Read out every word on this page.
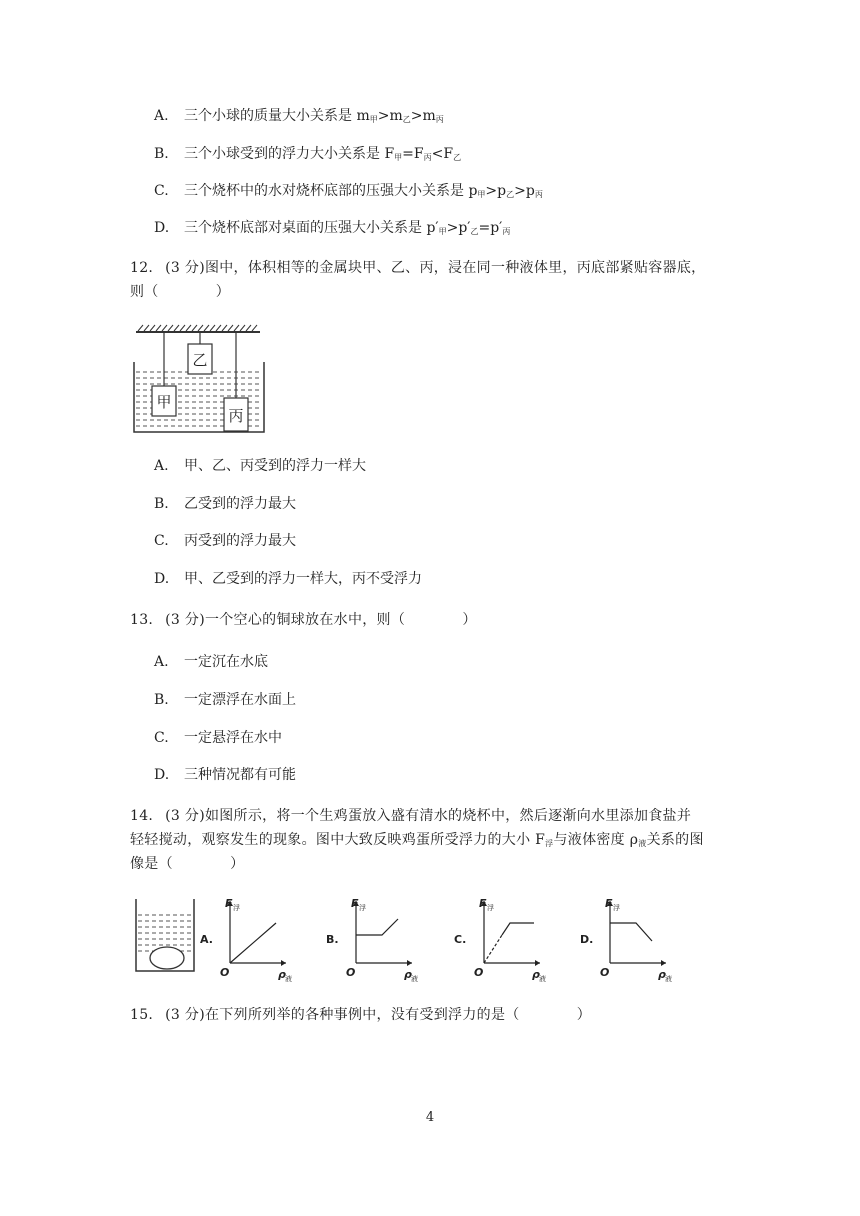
A. 三个小球的质量大小关系是 $m_甲>m_乙>m_丙$
B. 三个小球受到的浮力大小关系是 $F_甲=F_丙<F_乙$
C. 三个烧杯中的水对烧杯底部的压强大小关系是 $p_甲>p_乙>p_丙$
D. 三个烧杯底部对桌面的压强大小关系是 $p'_甲>p'_乙=p'_丙$
12. (3 分)图中，体积相等的金属块甲、乙、丙，浸在同一种液体里，丙底部紧贴容器底，
则（　　　　）
甲
乙
丙
A. 甲、乙、丙受到的浮力一样大
B. 乙受到的浮力最大
C. 丙受到的浮力最大
D. 甲、乙受到的浮力一样大，丙不受浮力
13. (3 分)一个空心的铜球放在水中，则（　　　　）
A. 一定沉在水底
B. 一定漂浮在水面上
C. 一定悬浮在水中
D. 三种情况都有可能
14. (3 分)如图所示，将一个生鸡蛋放入盛有清水的烧杯中，然后逐渐向水里添加食盐并
轻轻搅动，观察发生的现象。图中大致反映鸡蛋所受浮力的大小 $F_浮$与液体密度 $\rho_液$关系的图
像是（　　　　）
A.
F 浮
O	ρ 液
B.
F 浮
O	ρ 液
C.
F 浮
O	ρ 液
D.
F 浮
O	ρ 液
15. (3 分)在下列所列举的各种事例中，没有受到浮力的是（　　　　）
4
